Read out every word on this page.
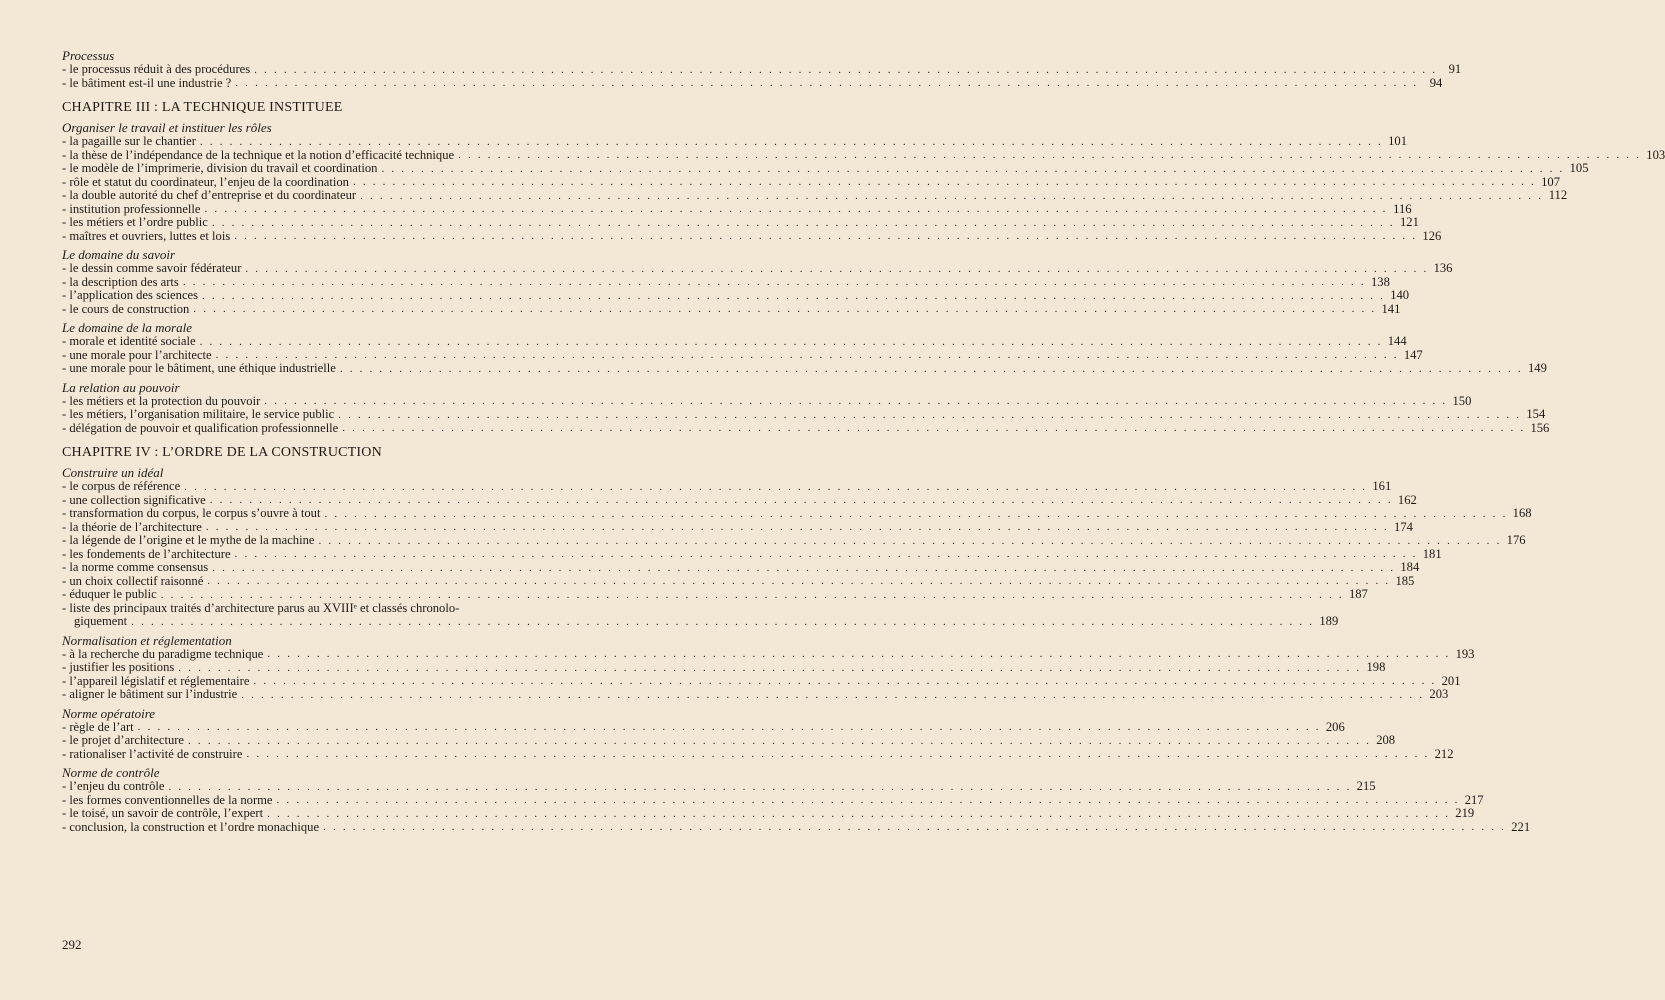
Processus
- le processus réduit à des procédures . . . . . . . . . . . . . . . . . . . . . . . . . . . . . . . . . . . . . . . . . . . . . . . . . . . . . . . . . . . . . . . . . . . . . . . . . . . . . . . . . . . . . . . . . . . . . . . . . . . . . . . . . . . . . . . . . . . . . . . . 91
- le bâtiment est-il une industrie ? . . . . . . . . . . . . . . . . . . . . . . . . . . . . . . . . . . . . . . . . . . . . . . . . . . . . . . . . . . . . . . . . . . . . . . . . . . . . . . . . . . . . . . . . . . . . . . . . . . . . . . . . . . . . . . . . . . . . . . . . 94
CHAPITRE III : LA TECHNIQUE INSTITUEE
Organiser le travail et instituer les rôles
- la pagaille sur le chantier . . . . . . . . . . . . . . . . . . . . . . . . . . . . . . . . . . . . . . . . . . . . . . . . . . . . . . . . . . . . . . . . . . . . . . . . . . . . . . . . . . . . . . . . . . . . . . . . . . . . . . . . . . . . . . . . . . . . . . . . 101
- la thèse de l’indépendance de la technique et la notion d’efficacité technique . . . . . . . . . . . . . . . . . . . . . . . . . . . . . . . . . . . . . . . . . . . . . . . . . . . . . . . . . . . . . . . . . . . . . . . . . . . . . . . . . . . . . . . . . . . . . . . . . . . . . . . . . . . . . . . . . . . . . . . . 103
- le modèle de l’imprimerie, division du travail et coordination . . . . . . . . . . . . . . . . . . . . . . . . . . . . . . . . . . . . . . . . . . . . . . . . . . . . . . . . . . . . . . . . . . . . . . . . . . . . . . . . . . . . . . . . . . . . . . . . . . . . . . . . . . . . . . . . . . . . . . . . 105
- rôle et statut du coordinateur, l’enjeu de la coordination . . . . . . . . . . . . . . . . . . . . . . . . . . . . . . . . . . . . . . . . . . . . . . . . . . . . . . . . . . . . . . . . . . . . . . . . . . . . . . . . . . . . . . . . . . . . . . . . . . . . . . . . . . . . . . . . . . . . . . . . 107
- la double autorité du chef d’entreprise et du coordinateur . . . . . . . . . . . . . . . . . . . . . . . . . . . . . . . . . . . . . . . . . . . . . . . . . . . . . . . . . . . . . . . . . . . . . . . . . . . . . . . . . . . . . . . . . . . . . . . . . . . . . . . . . . . . . . . . . . . . . . . . 112
- institution professionnelle . . . . . . . . . . . . . . . . . . . . . . . . . . . . . . . . . . . . . . . . . . . . . . . . . . . . . . . . . . . . . . . . . . . . . . . . . . . . . . . . . . . . . . . . . . . . . . . . . . . . . . . . . . . . . . . . . . . . . . . . 116
- les métiers et l’ordre public . . . . . . . . . . . . . . . . . . . . . . . . . . . . . . . . . . . . . . . . . . . . . . . . . . . . . . . . . . . . . . . . . . . . . . . . . . . . . . . . . . . . . . . . . . . . . . . . . . . . . . . . . . . . . . . . . . . . . . . . 121
- maîtres et ouvriers, luttes et lois . . . . . . . . . . . . . . . . . . . . . . . . . . . . . . . . . . . . . . . . . . . . . . . . . . . . . . . . . . . . . . . . . . . . . . . . . . . . . . . . . . . . . . . . . . . . . . . . . . . . . . . . . . . . . . . . . . . . . . . . 126
Le domaine du savoir
- le dessin comme savoir fédérateur . . . . . . . . . . . . . . . . . . . . . . . . . . . . . . . . . . . . . . . . . . . . . . . . . . . . . . . . . . . . . . . . . . . . . . . . . . . . . . . . . . . . . . . . . . . . . . . . . . . . . . . . . . . . . . . . . . . . . . . . 136
- la description des arts . . . . . . . . . . . . . . . . . . . . . . . . . . . . . . . . . . . . . . . . . . . . . . . . . . . . . . . . . . . . . . . . . . . . . . . . . . . . . . . . . . . . . . . . . . . . . . . . . . . . . . . . . . . . . . . . . . . . . . . . 138
- l’application des sciences . . . . . . . . . . . . . . . . . . . . . . . . . . . . . . . . . . . . . . . . . . . . . . . . . . . . . . . . . . . . . . . . . . . . . . . . . . . . . . . . . . . . . . . . . . . . . . . . . . . . . . . . . . . . . . . . . . . . . . . . 140
- le cours de construction . . . . . . . . . . . . . . . . . . . . . . . . . . . . . . . . . . . . . . . . . . . . . . . . . . . . . . . . . . . . . . . . . . . . . . . . . . . . . . . . . . . . . . . . . . . . . . . . . . . . . . . . . . . . . . . . . . . . . . . . 141
Le domaine de la morale
- morale et identité sociale . . . . . . . . . . . . . . . . . . . . . . . . . . . . . . . . . . . . . . . . . . . . . . . . . . . . . . . . . . . . . . . . . . . . . . . . . . . . . . . . . . . . . . . . . . . . . . . . . . . . . . . . . . . . . . . . . . . . . . . . 144
- une morale pour l’architecte . . . . . . . . . . . . . . . . . . . . . . . . . . . . . . . . . . . . . . . . . . . . . . . . . . . . . . . . . . . . . . . . . . . . . . . . . . . . . . . . . . . . . . . . . . . . . . . . . . . . . . . . . . . . . . . . . . . . . . . . 147
- une morale pour le bâtiment, une éthique industrielle . . . . . . . . . . . . . . . . . . . . . . . . . . . . . . . . . . . . . . . . . . . . . . . . . . . . . . . . . . . . . . . . . . . . . . . . . . . . . . . . . . . . . . . . . . . . . . . . . . . . . . . . . . . . . . . . . . . . . . . . 149
La relation au pouvoir
- les métiers et la protection du pouvoir . . . . . . . . . . . . . . . . . . . . . . . . . . . . . . . . . . . . . . . . . . . . . . . . . . . . . . . . . . . . . . . . . . . . . . . . . . . . . . . . . . . . . . . . . . . . . . . . . . . . . . . . . . . . . . . . . . . . . . . . 150
- les métiers, l’organisation militaire, le service public . . . . . . . . . . . . . . . . . . . . . . . . . . . . . . . . . . . . . . . . . . . . . . . . . . . . . . . . . . . . . . . . . . . . . . . . . . . . . . . . . . . . . . . . . . . . . . . . . . . . . . . . . . . . . . . . . . . . . . . . 154
- délégation de pouvoir et qualification professionnelle . . . . . . . . . . . . . . . . . . . . . . . . . . . . . . . . . . . . . . . . . . . . . . . . . . . . . . . . . . . . . . . . . . . . . . . . . . . . . . . . . . . . . . . . . . . . . . . . . . . . . . . . . . . . . . . . . . . . . . . . 156
CHAPITRE IV : L’ORDRE DE LA CONSTRUCTION
Construire un idéal
- le corpus de référence . . . . . . . . . . . . . . . . . . . . . . . . . . . . . . . . . . . . . . . . . . . . . . . . . . . . . . . . . . . . . . . . . . . . . . . . . . . . . . . . . . . . . . . . . . . . . . . . . . . . . . . . . . . . . . . . . . . . . . . . 161
- une collection significative . . . . . . . . . . . . . . . . . . . . . . . . . . . . . . . . . . . . . . . . . . . . . . . . . . . . . . . . . . . . . . . . . . . . . . . . . . . . . . . . . . . . . . . . . . . . . . . . . . . . . . . . . . . . . . . . . . . . . . . . 162
- transformation du corpus, le corpus s’ouvre à tout . . . . . . . . . . . . . . . . . . . . . . . . . . . . . . . . . . . . . . . . . . . . . . . . . . . . . . . . . . . . . . . . . . . . . . . . . . . . . . . . . . . . . . . . . . . . . . . . . . . . . . . . . . . . . . . . . . . . . . . . 168
- la théorie de l’architecture . . . . . . . . . . . . . . . . . . . . . . . . . . . . . . . . . . . . . . . . . . . . . . . . . . . . . . . . . . . . . . . . . . . . . . . . . . . . . . . . . . . . . . . . . . . . . . . . . . . . . . . . . . . . . . . . . . . . . . . . 174
- la légende de l’origine et le mythe de la machine . . . . . . . . . . . . . . . . . . . . . . . . . . . . . . . . . . . . . . . . . . . . . . . . . . . . . . . . . . . . . . . . . . . . . . . . . . . . . . . . . . . . . . . . . . . . . . . . . . . . . . . . . . . . . . . . . . . . . . . . 176
- les fondements de l’architecture . . . . . . . . . . . . . . . . . . . . . . . . . . . . . . . . . . . . . . . . . . . . . . . . . . . . . . . . . . . . . . . . . . . . . . . . . . . . . . . . . . . . . . . . . . . . . . . . . . . . . . . . . . . . . . . . . . . . . . . . 181
- la norme comme consensus . . . . . . . . . . . . . . . . . . . . . . . . . . . . . . . . . . . . . . . . . . . . . . . . . . . . . . . . . . . . . . . . . . . . . . . . . . . . . . . . . . . . . . . . . . . . . . . . . . . . . . . . . . . . . . . . . . . . . . . . 184
- un choix collectif raisonné . . . . . . . . . . . . . . . . . . . . . . . . . . . . . . . . . . . . . . . . . . . . . . . . . . . . . . . . . . . . . . . . . . . . . . . . . . . . . . . . . . . . . . . . . . . . . . . . . . . . . . . . . . . . . . . . . . . . . . . . 185
- éduquer le public . . . . . . . . . . . . . . . . . . . . . . . . . . . . . . . . . . . . . . . . . . . . . . . . . . . . . . . . . . . . . . . . . . . . . . . . . . . . . . . . . . . . . . . . . . . . . . . . . . . . . . . . . . . . . . . . . . . . . . . . 187
- liste des principaux traités d’architecture parus au XVIIIᵉ et classés chronolo-
giquement . . . . . . . . . . . . . . . . . . . . . . . . . . . . . . . . . . . . . . . . . . . . . . . . . . . . . . . . . . . . . . . . . . . . . . . . . . . . . . . . . . . . . . . . . . . . . . . . . . . . . . . . . . . . . . . . . . . . . . . . 189
Normalisation et réglementation
- à la recherche du paradigme technique . . . . . . . . . . . . . . . . . . . . . . . . . . . . . . . . . . . . . . . . . . . . . . . . . . . . . . . . . . . . . . . . . . . . . . . . . . . . . . . . . . . . . . . . . . . . . . . . . . . . . . . . . . . . . . . . . . . . . . . . 193
- justifier les positions . . . . . . . . . . . . . . . . . . . . . . . . . . . . . . . . . . . . . . . . . . . . . . . . . . . . . . . . . . . . . . . . . . . . . . . . . . . . . . . . . . . . . . . . . . . . . . . . . . . . . . . . . . . . . . . . . . . . . . . . 198
- l’appareil législatif et réglementaire . . . . . . . . . . . . . . . . . . . . . . . . . . . . . . . . . . . . . . . . . . . . . . . . . . . . . . . . . . . . . . . . . . . . . . . . . . . . . . . . . . . . . . . . . . . . . . . . . . . . . . . . . . . . . . . . . . . . . . . . 201
- aligner le bâtiment sur l’industrie . . . . . . . . . . . . . . . . . . . . . . . . . . . . . . . . . . . . . . . . . . . . . . . . . . . . . . . . . . . . . . . . . . . . . . . . . . . . . . . . . . . . . . . . . . . . . . . . . . . . . . . . . . . . . . . . . . . . . . . . 203
Norme opératoire
- règle de l’art . . . . . . . . . . . . . . . . . . . . . . . . . . . . . . . . . . . . . . . . . . . . . . . . . . . . . . . . . . . . . . . . . . . . . . . . . . . . . . . . . . . . . . . . . . . . . . . . . . . . . . . . . . . . . . . . . . . . . . . . 206
- le projet d’architecture . . . . . . . . . . . . . . . . . . . . . . . . . . . . . . . . . . . . . . . . . . . . . . . . . . . . . . . . . . . . . . . . . . . . . . . . . . . . . . . . . . . . . . . . . . . . . . . . . . . . . . . . . . . . . . . . . . . . . . . . 208
- rationaliser l’activité de construire . . . . . . . . . . . . . . . . . . . . . . . . . . . . . . . . . . . . . . . . . . . . . . . . . . . . . . . . . . . . . . . . . . . . . . . . . . . . . . . . . . . . . . . . . . . . . . . . . . . . . . . . . . . . . . . . . . . . . . . . 212
Norme de contrôle
- l’enjeu du contrôle . . . . . . . . . . . . . . . . . . . . . . . . . . . . . . . . . . . . . . . . . . . . . . . . . . . . . . . . . . . . . . . . . . . . . . . . . . . . . . . . . . . . . . . . . . . . . . . . . . . . . . . . . . . . . . . . . . . . . . . . 215
- les formes conventionnelles de la norme . . . . . . . . . . . . . . . . . . . . . . . . . . . . . . . . . . . . . . . . . . . . . . . . . . . . . . . . . . . . . . . . . . . . . . . . . . . . . . . . . . . . . . . . . . . . . . . . . . . . . . . . . . . . . . . . . . . . . . . . 217
- le toisé, un savoir de contrôle, l’expert . . . . . . . . . . . . . . . . . . . . . . . . . . . . . . . . . . . . . . . . . . . . . . . . . . . . . . . . . . . . . . . . . . . . . . . . . . . . . . . . . . . . . . . . . . . . . . . . . . . . . . . . . . . . . . . . . . . . . . . . 219
- conclusion, la construction et l’ordre monachique . . . . . . . . . . . . . . . . . . . . . . . . . . . . . . . . . . . . . . . . . . . . . . . . . . . . . . . . . . . . . . . . . . . . . . . . . . . . . . . . . . . . . . . . . . . . . . . . . . . . . . . . . . . . . . . . . . . . . . . . 221
292
